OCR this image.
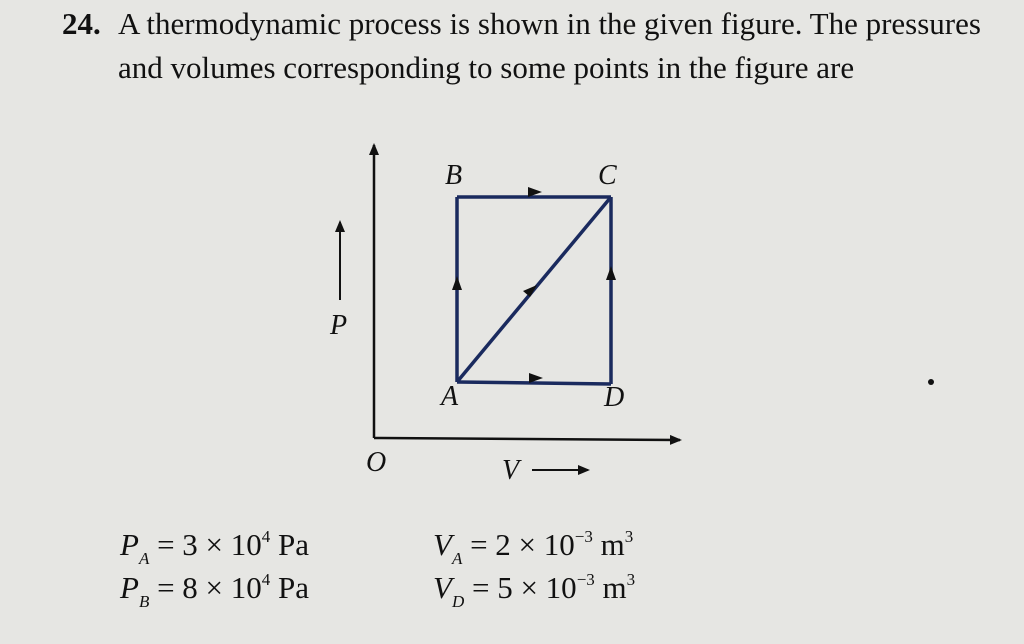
24. A thermodynamic process is shown in the given figure. The pressures and volumes corresponding to some points in the figure are
B	C
A	D
O
P
V
$P_A = 3 \times 10^4$ Pa
$P_B = 8 \times 10^4$ Pa
$V_A = 2 \times 10^{-3}$ $m^3$
$V_D = 5 \times 10^{-3}$ $m^3$
